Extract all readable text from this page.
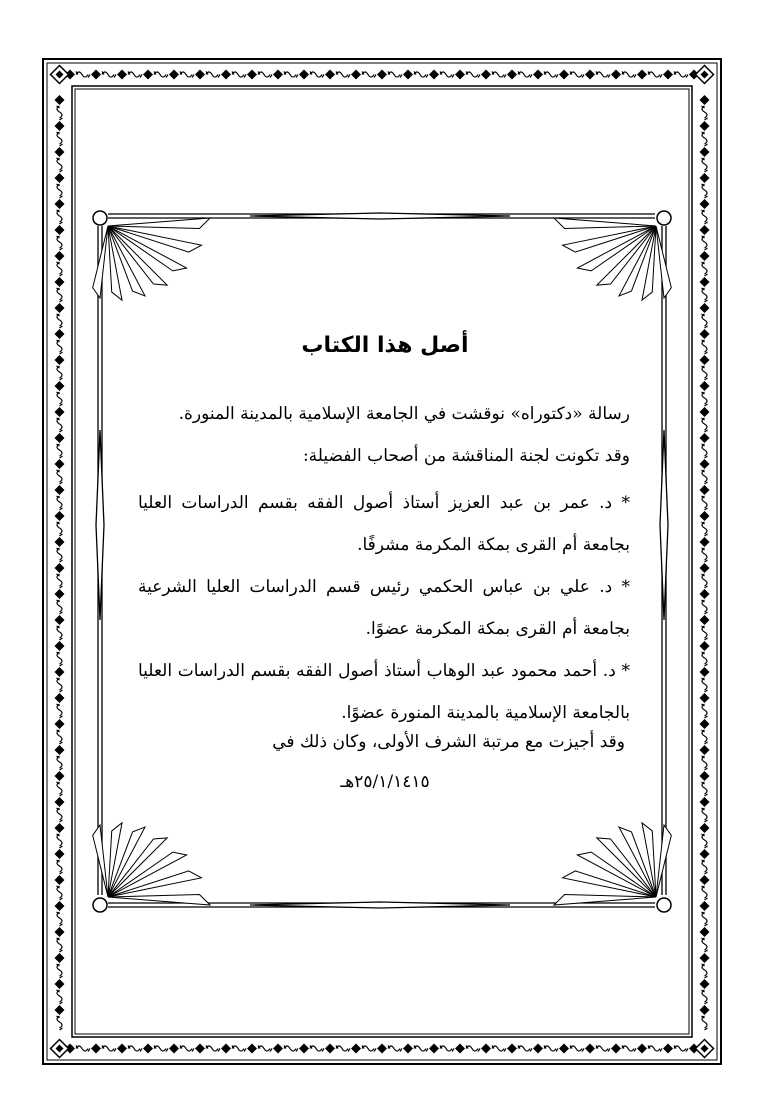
أصل هذا الكتاب
رسالة «دكتوراه» نوقشت في الجامعة الإسلامية بالمدينة المنورة.
وقد تكونت لجنة المناقشة من أصحاب الفضيلة:
* د. عمر بن عبد العزيز أستاذ أصول الفقه بقسم الدراسات العليا بجامعة أم القرى بمكة المكرمة مشرفًا.
* د. علي بن عباس الحكمي رئيس قسم الدراسات العليا الشرعية بجامعة أم القرى بمكة المكرمة عضوًا.
* د. أحمد محمود عبد الوهاب أستاذ أصول الفقه بقسم الدراسات العليا بالجامعة الإسلامية بالمدينة المنورة عضوًا.
وقد أجيزت مع مرتبة الشرف الأولى، وكان ذلك في
٢٥/١/١٤١٥هـ
